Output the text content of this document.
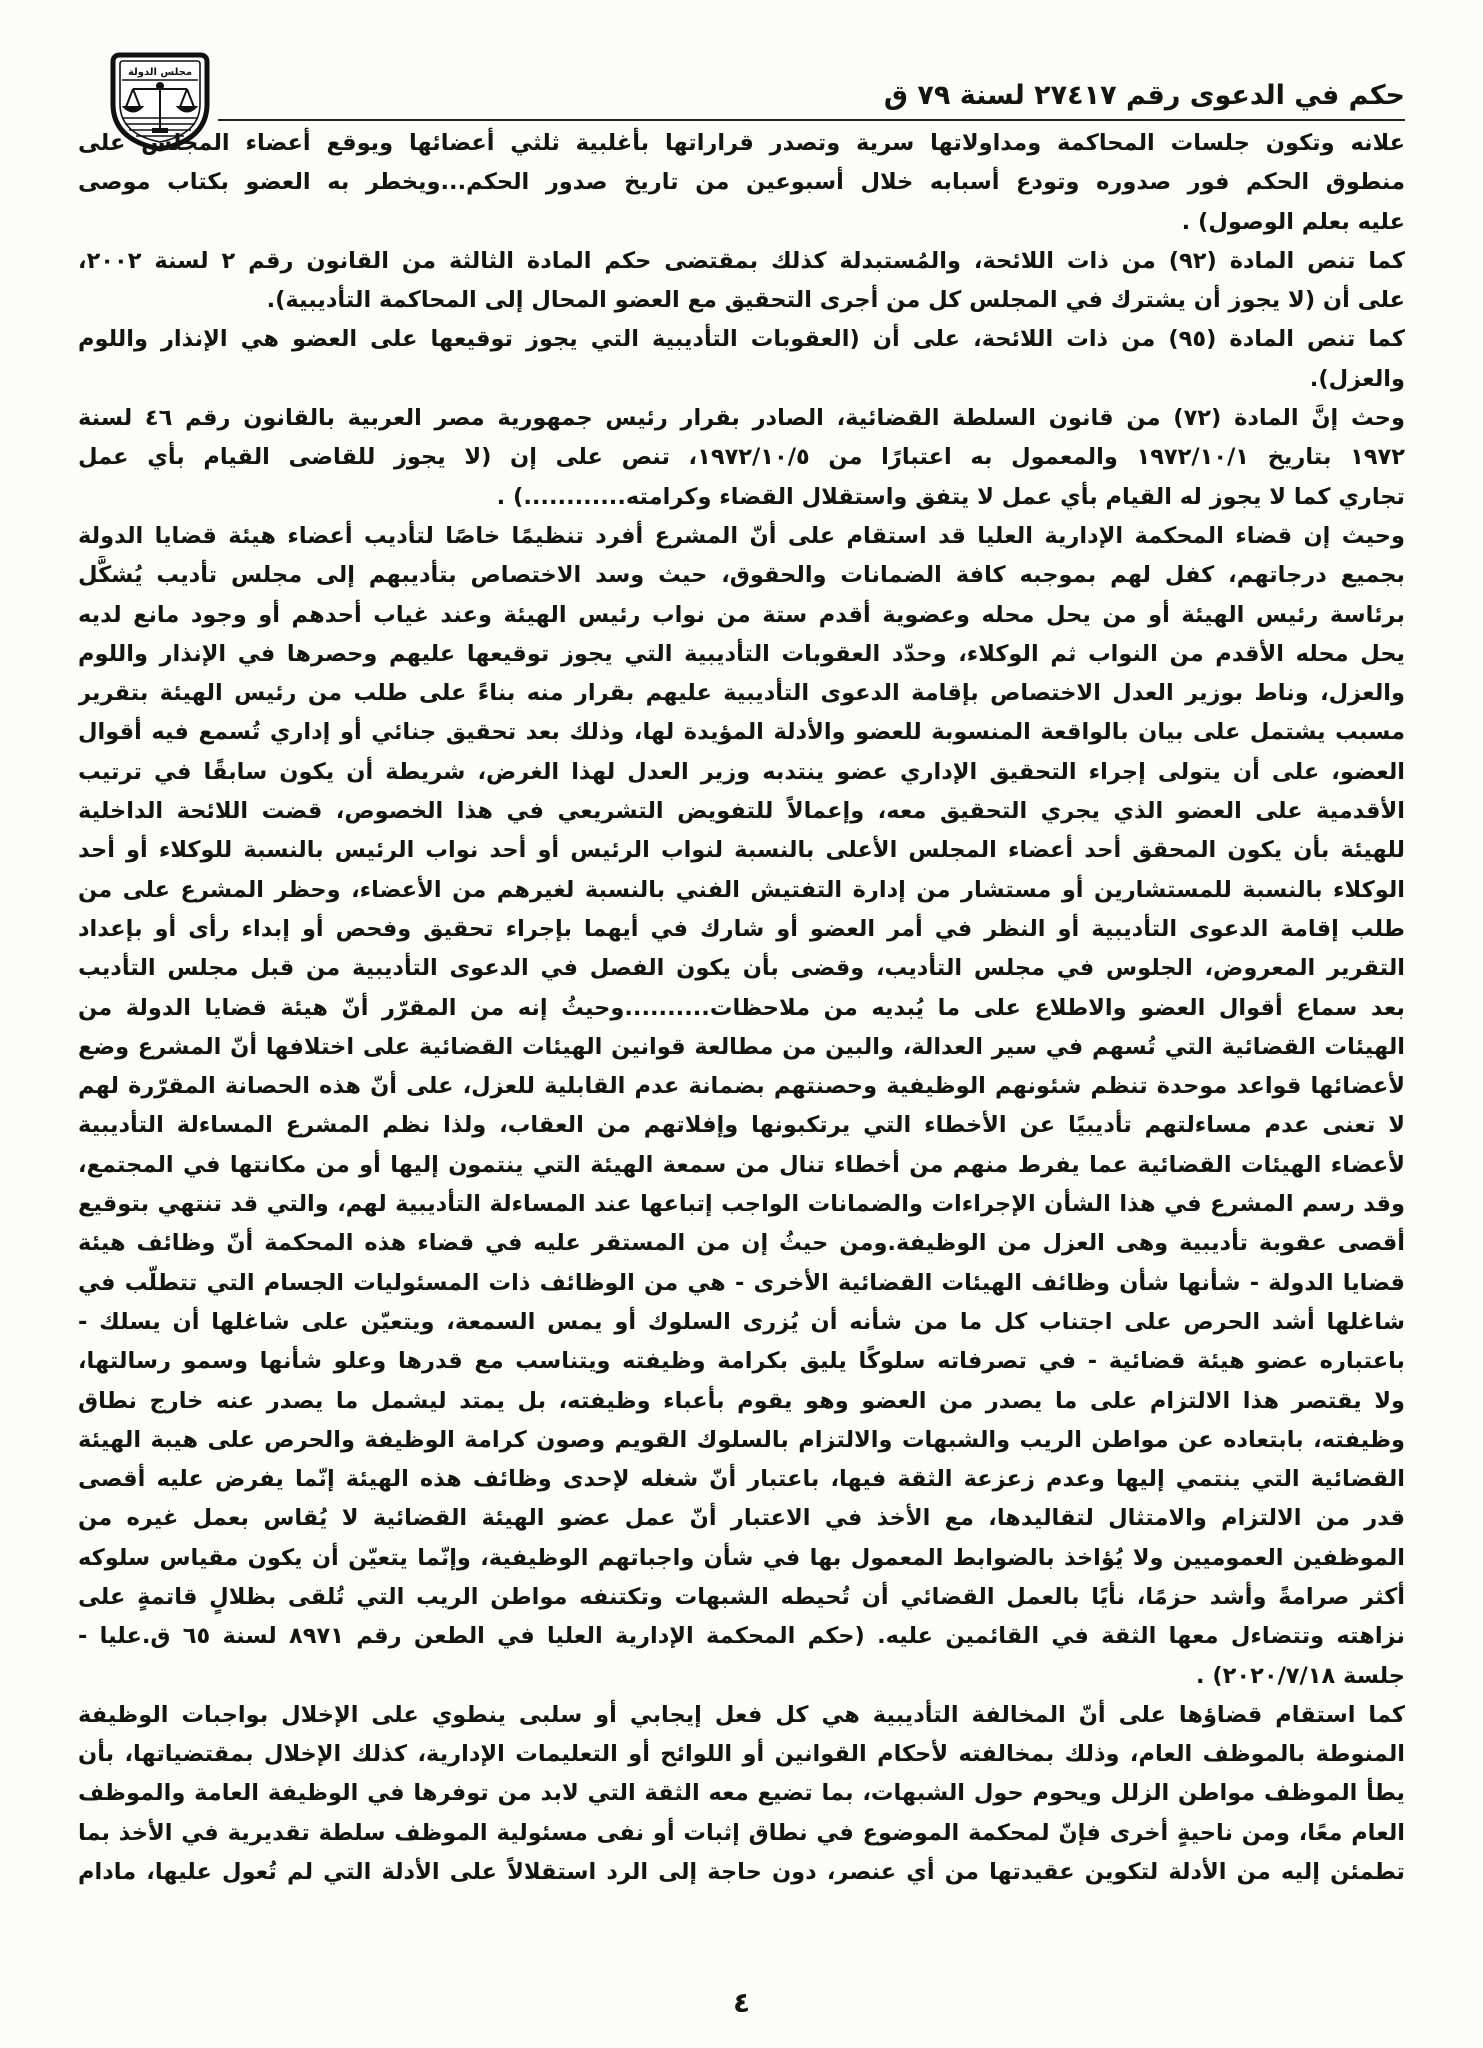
مجلس الدولة
حكم في الدعوى رقم ٢٧٤١٧ لسنة ٧٩ ق
علانه وتكون جلسات المحاكمة ومداولاتها سرية وتصدر قراراتها بأغلبية ثلثي أعضائها ويوقع أعضاء المجلس على
منطوق الحكم فور صدوره وتودع أسبابه خلال أسبوعين من تاريخ صدور الحكم...ويخطر به العضو بكتاب موصى
عليه بعلم الوصول) .
كما تنص المادة (٩٢) من ذات اللائحة، والمُستبدلة كذلك بمقتضى حكم المادة الثالثة من القانون رقم ٢ لسنة ٢٠٠٢،
على أن (لا يجوز أن يشترك في المجلس كل من أجرى التحقيق مع العضو المحال إلى المحاكمة التأديبية).
كما تنص المادة (٩٥) من ذات اللائحة، على أن (العقوبات التأديبية التي يجوز توقيعها على العضو هي الإنذار واللوم
والعزل).
وحث إنَّ المادة (٧٢) من قانون السلطة القضائية، الصادر بقرار رئيس جمهورية مصر العربية بالقانون رقم ٤٦ لسنة
١٩٧٢ بتاريخ ١٩٧٢/١٠/١ والمعمول به اعتبارًا من ١٩٧٢/١٠/٥، تنص على إن (لا يجوز للقاضى القيام بأي عمل
تجاري كما لا يجوز له القيام بأي عمل لا يتفق واستقلال القضاء وكرامته............) .
وحيث إن قضاء المحكمة الإدارية العليا قد استقام على أنّ المشرع أفرد تنظيمًا خاصًا لتأديب أعضاء هيئة قضايا الدولة
بجميع درجاتهم، كفل لهم بموجبه كافة الضمانات والحقوق، حيث وسد الاختصاص بتأديبهم إلى مجلس تأديب يُشكَّل
برئاسة رئيس الهيئة أو من يحل محله وعضوية أقدم ستة من نواب رئيس الهيئة وعند غياب أحدهم أو وجود مانع لديه
يحل محله الأقدم من النواب ثم الوكلاء، وحدّد العقوبات التأديبية التي يجوز توقيعها عليهم وحصرها في الإنذار واللوم
والعزل، وناط بوزير العدل الاختصاص بإقامة الدعوى التأديبية عليهم بقرار منه بناءً على طلب من رئيس الهيئة بتقرير
مسبب يشتمل على بيان بالواقعة المنسوبة للعضو والأدلة المؤيدة لها، وذلك بعد تحقيق جنائي أو إداري تُسمع فيه أقوال
العضو، على أن يتولى إجراء التحقيق الإداري عضو ينتدبه وزير العدل لهذا الغرض، شريطة أن يكون سابقًا في ترتيب
الأقدمية على العضو الذي يجري التحقيق معه، وإعمالاً للتفويض التشريعي في هذا الخصوص، قضت اللائحة الداخلية
للهيئة بأن يكون المحقق أحد أعضاء المجلس الأعلى بالنسبة لنواب الرئيس أو أحد نواب الرئيس بالنسبة للوكلاء أو أحد
الوكلاء بالنسبة للمستشارين أو مستشار من إدارة التفتيش الفني بالنسبة لغيرهم من الأعضاء، وحظر المشرع على من
طلب إقامة الدعوى التأديبية أو النظر في أمر العضو أو شارك في أيهما بإجراء تحقيق وفحص أو إبداء رأى أو بإعداد
التقرير المعروض، الجلوس في مجلس التأديب، وقضى بأن يكون الفصل في الدعوى التأديبية من قبل مجلس التأديب
بعد سماع أقوال العضو والاطلاع على ما يُبديه من ملاحظات..........وحيثُ إنه من المقرّر أنّ هيئة قضايا الدولة من
الهيئات القضائية التي تُسهم في سير العدالة، والبين من مطالعة قوانين الهيئات القضائية على اختلافها أنّ المشرع وضع
لأعضائها قواعد موحدة تنظم شئونهم الوظيفية وحصنتهم بضمانة عدم القابلية للعزل، على أنّ هذه الحصانة المقرّرة لهم
لا تعنى عدم مساءلتهم تأديبيًا عن الأخطاء التي يرتكبونها وإفلاتهم من العقاب، ولذا نظم المشرع المساءلة التأديبية
لأعضاء الهيئات القضائية عما يفرط منهم من أخطاء تنال من سمعة الهيئة التي ينتمون إليها أو من مكانتها في المجتمع،
وقد رسم المشرع في هذا الشأن الإجراءات والضمانات الواجب إتباعها عند المساءلة التأديبية لهم، والتي قد تنتهي بتوقيع
أقصى عقوبة تأديبية وهى العزل من الوظيفة.ومن حيثُ إن من المستقر عليه في قضاء هذه المحكمة أنّ وظائف هيئة
قضايا الدولة - شأنها شأن وظائف الهيئات القضائية الأخرى - هي من الوظائف ذات المسئوليات الجسام التي تتطلّب في
شاغلها أشد الحرص على اجتناب كل ما من شأنه أن يُزرى السلوك أو يمس السمعة، ويتعيّن على شاغلها أن يسلك -
باعتباره عضو هيئة قضائية - في تصرفاته سلوكًا يليق بكرامة وظيفته ويتناسب مع قدرها وعلو شأنها وسمو رسالتها،
ولا يقتصر هذا الالتزام على ما يصدر من العضو وهو يقوم بأعباء وظيفته، بل يمتد ليشمل ما يصدر عنه خارج نطاق
وظيفته، بابتعاده عن مواطن الريب والشبهات والالتزام بالسلوك القويم وصون كرامة الوظيفة والحرص على هيبة الهيئة
القضائية التي ينتمي إليها وعدم زعزعة الثقة فيها، باعتبار أنّ شغله لإحدى وظائف هذه الهيئة إنّما يفرض عليه أقصى
قدر من الالتزام والامتثال لتقاليدها، مع الأخذ في الاعتبار أنّ عمل عضو الهيئة القضائية لا يُقاس بعمل غيره من
الموظفين العموميين ولا يُؤاخذ بالضوابط المعمول بها في شأن واجباتهم الوظيفية، وإنّما يتعيّن أن يكون مقياس سلوكه
أكثر صرامةً وأشد حزمًا، نأيًا بالعمل القضائي أن تُحيطه الشبهات وتكتنفه مواطن الريب التي تُلقى بظلالٍ قاتمةٍ على
نزاهته وتتضاءل معها الثقة في القائمين عليه. (حكم المحكمة الإدارية العليا في الطعن رقم ٨٩٧١ لسنة ٦٥ ق.عليا -
جلسة ٢٠٢٠/٧/١٨) .
كما استقام قضاؤها على أنّ المخالفة التأديبية هي كل فعل إيجابي أو سلبى ينطوي على الإخلال بواجبات الوظيفة
المنوطة بالموظف العام، وذلك بمخالفته لأحكام القوانين أو اللوائح أو التعليمات الإدارية، كذلك الإخلال بمقتضياتها، بأن
يطأ الموظف مواطن الزلل ويحوم حول الشبهات، بما تضيع معه الثقة التي لابد من توفرها في الوظيفة العامة والموظف
العام معًا، ومن ناحيةٍ أخرى فإنّ لمحكمة الموضوع في نطاق إثبات أو نفى مسئولية الموظف سلطة تقديرية في الأخذ بما
تطمئن إليه من الأدلة لتكوين عقيدتها من أي عنصر، دون حاجة إلى الرد استقلالاً على الأدلة التي لم تُعول عليها، مادام
٤
